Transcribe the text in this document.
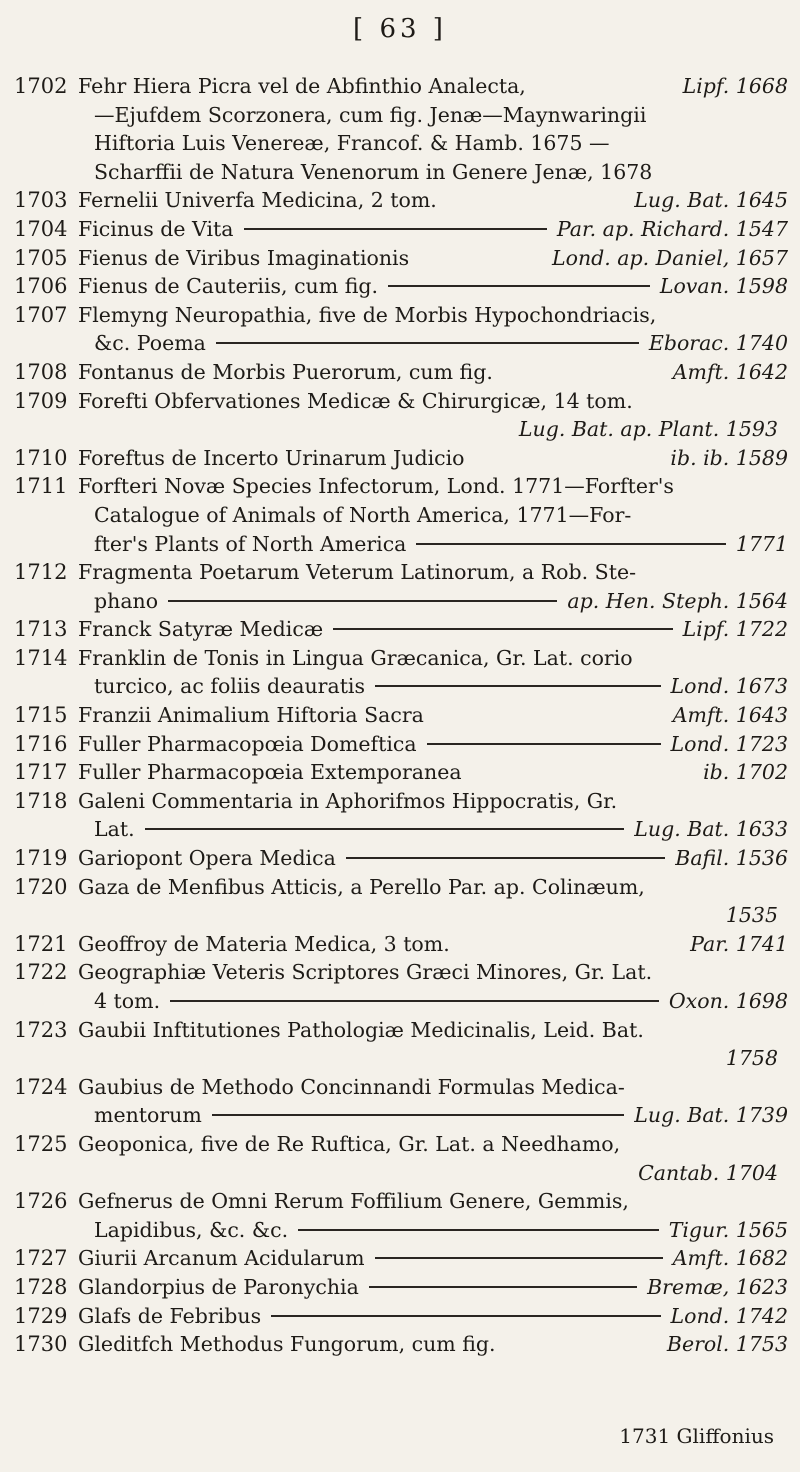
[ 63 ]
1702 Fehr Hiera Picra vel de Abfinthio Analecta,	Lipf. 1668
—Ejufdem Scorzonera, cum fig. Jenæ—Maynwaringii
Hiftoria Luis Venereæ, Francof. & Hamb. 1675 —
Scharffii de Natura Venenorum in Genere Jenæ, 1678
1703 Fernelii Univerfa Medicina, 2 tom.	Lug. Bat. 1645
1704 Ficinus de Vita	Par. ap. Richard. 1547
1705 Fienus de Viribus Imaginationis	Lond. ap. Daniel, 1657
1706 Fienus de Cauteriis, cum fig.	Lovan. 1598
1707 Flemyng Neuropathia, five de Morbis Hypochondriacis,
&c. Poema	Eborac. 1740
1708 Fontanus de Morbis Puerorum, cum fig.	Amft. 1642
1709 Forefti Obfervationes Medicæ & Chirurgicæ, 14 tom.
Lug. Bat. ap. Plant. 1593
1710 Foreftus de Incerto Urinarum Judicio	ib. ib. 1589
1711 Forfteri Novæ Species Infectorum, Lond. 1771—Forfter's
Catalogue of Animals of North America, 1771—For-
fter's Plants of North America	1771
1712 Fragmenta Poetarum Veterum Latinorum, a Rob. Ste-
phano	ap. Hen. Steph. 1564
1713 Franck Satyræ Medicæ	Lipf. 1722
1714 Franklin de Tonis in Lingua Græcanica, Gr. Lat. corio
turcico, ac foliis deauratis	Lond. 1673
1715 Franzii Animalium Hiftoria Sacra	Amft. 1643
1716 Fuller Pharmacopœia Domeftica	Lond. 1723
1717 Fuller Pharmacopœia Extemporanea	ib. 1702
1718 Galeni Commentaria in Aphorifmos Hippocratis, Gr.
Lat.	Lug. Bat. 1633
1719 Gariopont Opera Medica	Bafil. 1536
1720 Gaza de Menfibus Atticis, a Perello Par. ap. Colinæum,
1535
1721 Geoffroy de Materia Medica, 3 tom.	Par. 1741
1722 Geographiæ Veteris Scriptores Græci Minores, Gr. Lat.
4 tom.	Oxon. 1698
1723 Gaubii Inftitutiones Pathologiæ Medicinalis, Leid. Bat.
1758
1724 Gaubius de Methodo Concinnandi Formulas Medica-
mentorum	Lug. Bat. 1739
1725 Geoponica, five de Re Ruftica, Gr. Lat. a Needhamo,
Cantab. 1704
1726 Gefnerus de Omni Rerum Foffilium Genere, Gemmis,
Lapidibus, &c. &c.	Tigur. 1565
1727 Giurii Arcanum Acidularum	Amft. 1682
1728 Glandorpius de Paronychia	Bremæ, 1623
1729 Glafs de Febribus	Lond. 1742
1730 Gleditfch Methodus Fungorum, cum fig.	Berol. 1753
1731 Gliffonius
